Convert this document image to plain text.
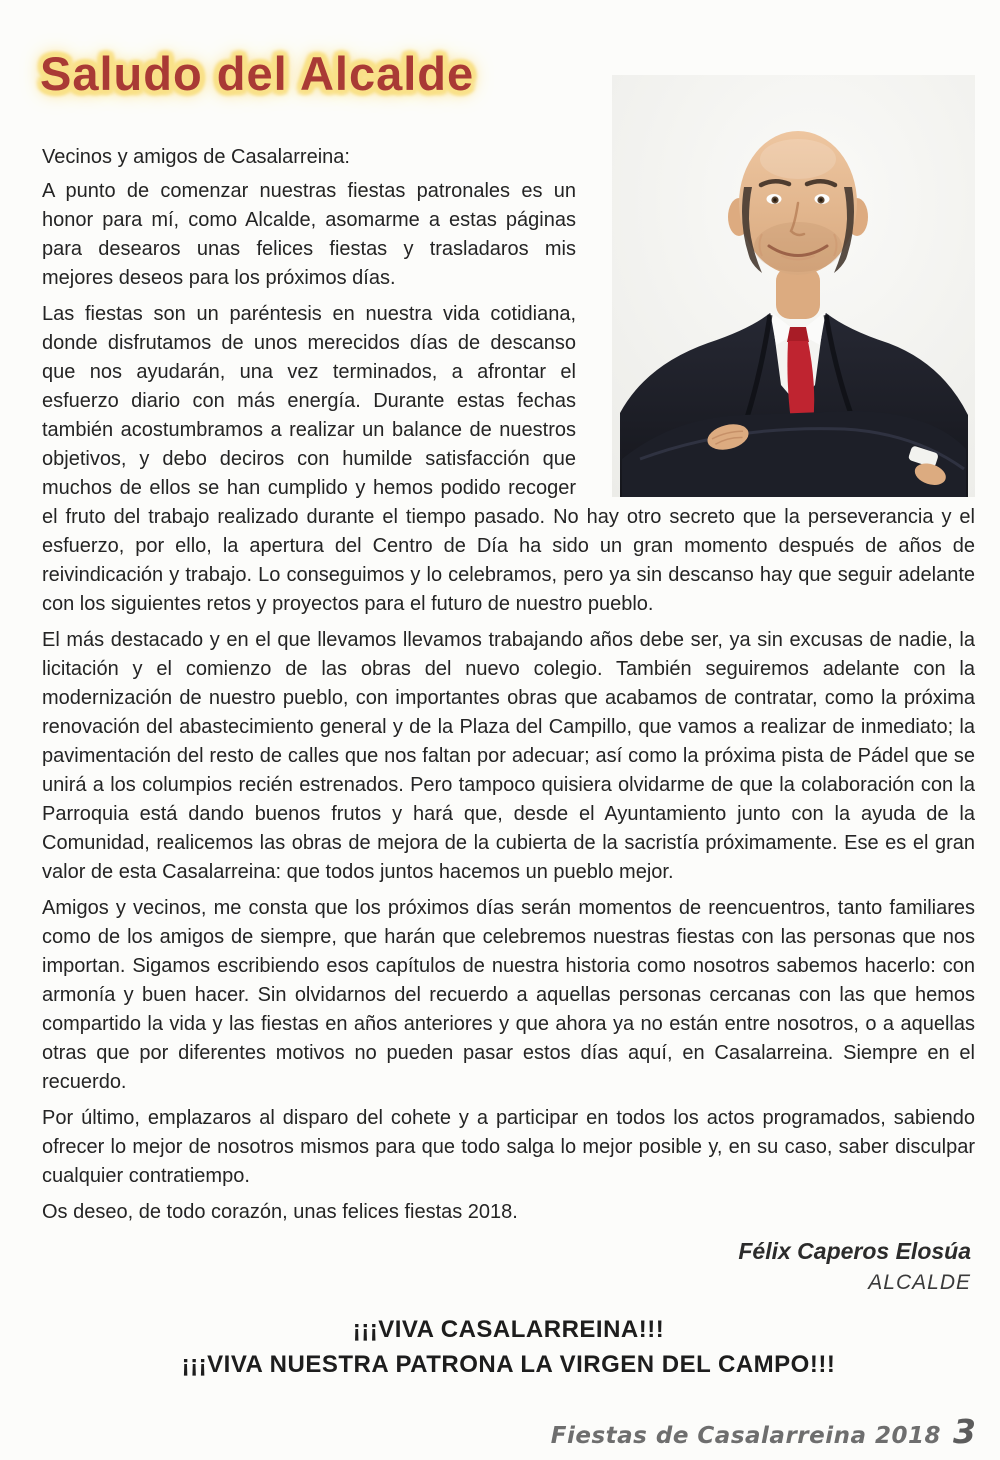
Saludo del Alcalde

Vecinos y amigos de Casalarreina:

A punto de comenzar nuestras fiestas patronales es un honor para mí, como Alcalde, asomarme a estas páginas para desearos unas felices fiestas y trasladaros mis mejores deseos para los próximos días.

Las fiestas son un paréntesis en nuestra vida cotidiana, donde disfrutamos de unos merecidos días de descanso que nos ayudarán, una vez terminados, a afrontar el esfuerzo diario con más energía. Durante estas fechas también acostumbramos a realizar un balance de nuestros objetivos, y debo deciros con humilde satisfacción que muchos de ellos se han cumplido y hemos podido recoger el fruto del trabajo realizado durante el tiempo pasado. No hay otro secreto que la perseverancia y el esfuerzo, por ello, la apertura del Centro de Día ha sido un gran momento después de años de reivindicación y trabajo. Lo conseguimos y lo celebramos, pero ya sin descanso hay que seguir adelante con los siguientes retos y proyectos para el futuro de nuestro pueblo.

El más destacado y en el que llevamos llevamos trabajando años debe ser, ya sin excusas de nadie, la licitación y el comienzo de las obras del nuevo colegio. También seguiremos adelante con la modernización de nuestro pueblo, con importantes obras que acabamos de contratar, como la próxima renovación del abastecimiento general y de la Plaza del Campillo, que vamos a realizar de inmediato; la pavimentación del resto de calles que nos faltan por adecuar; así como la próxima pista de Pádel que se unirá a los columpios recién estrenados. Pero tampoco quisiera olvidarme de que la colaboración con la Parroquia está dando buenos frutos y hará que, desde el Ayuntamiento junto con la ayuda de la Comunidad, realicemos las obras de mejora de la cubierta de la sacristía próximamente. Ese es el gran valor de esta Casalarreina: que todos juntos hacemos un pueblo mejor.

Amigos y vecinos, me consta que los próximos días serán momentos de reencuentros, tanto familiares como de los amigos de siempre, que harán que celebremos nuestras fiestas con las personas que nos importan. Sigamos escribiendo esos capítulos de nuestra historia como nosotros sabemos hacerlo: con armonía y buen hacer. Sin olvidarnos del recuerdo a aquellas personas cercanas con las que hemos compartido la vida y las fiestas en años anteriores y que ahora ya no están entre nosotros, o a aquellas otras que por diferentes motivos no pueden pasar estos días aquí, en Casalarreina. Siempre en el recuerdo.

Por último, emplazaros al disparo del cohete y a participar en todos los actos programados, sabiendo ofrecer lo mejor de nosotros mismos para que todo salga lo mejor posible y, en su caso, saber disculpar cualquier contratiempo.

Os deseo, de todo corazón, unas felices fiestas 2018.

Félix Caperos Elosúa
ALCALDE
¡¡¡VIVA CASALARREINA!!!
¡¡¡VIVA NUESTRA PATRONA LA VIRGEN DEL CAMPO!!!
Fiestas de Casalarreina 2018 3
